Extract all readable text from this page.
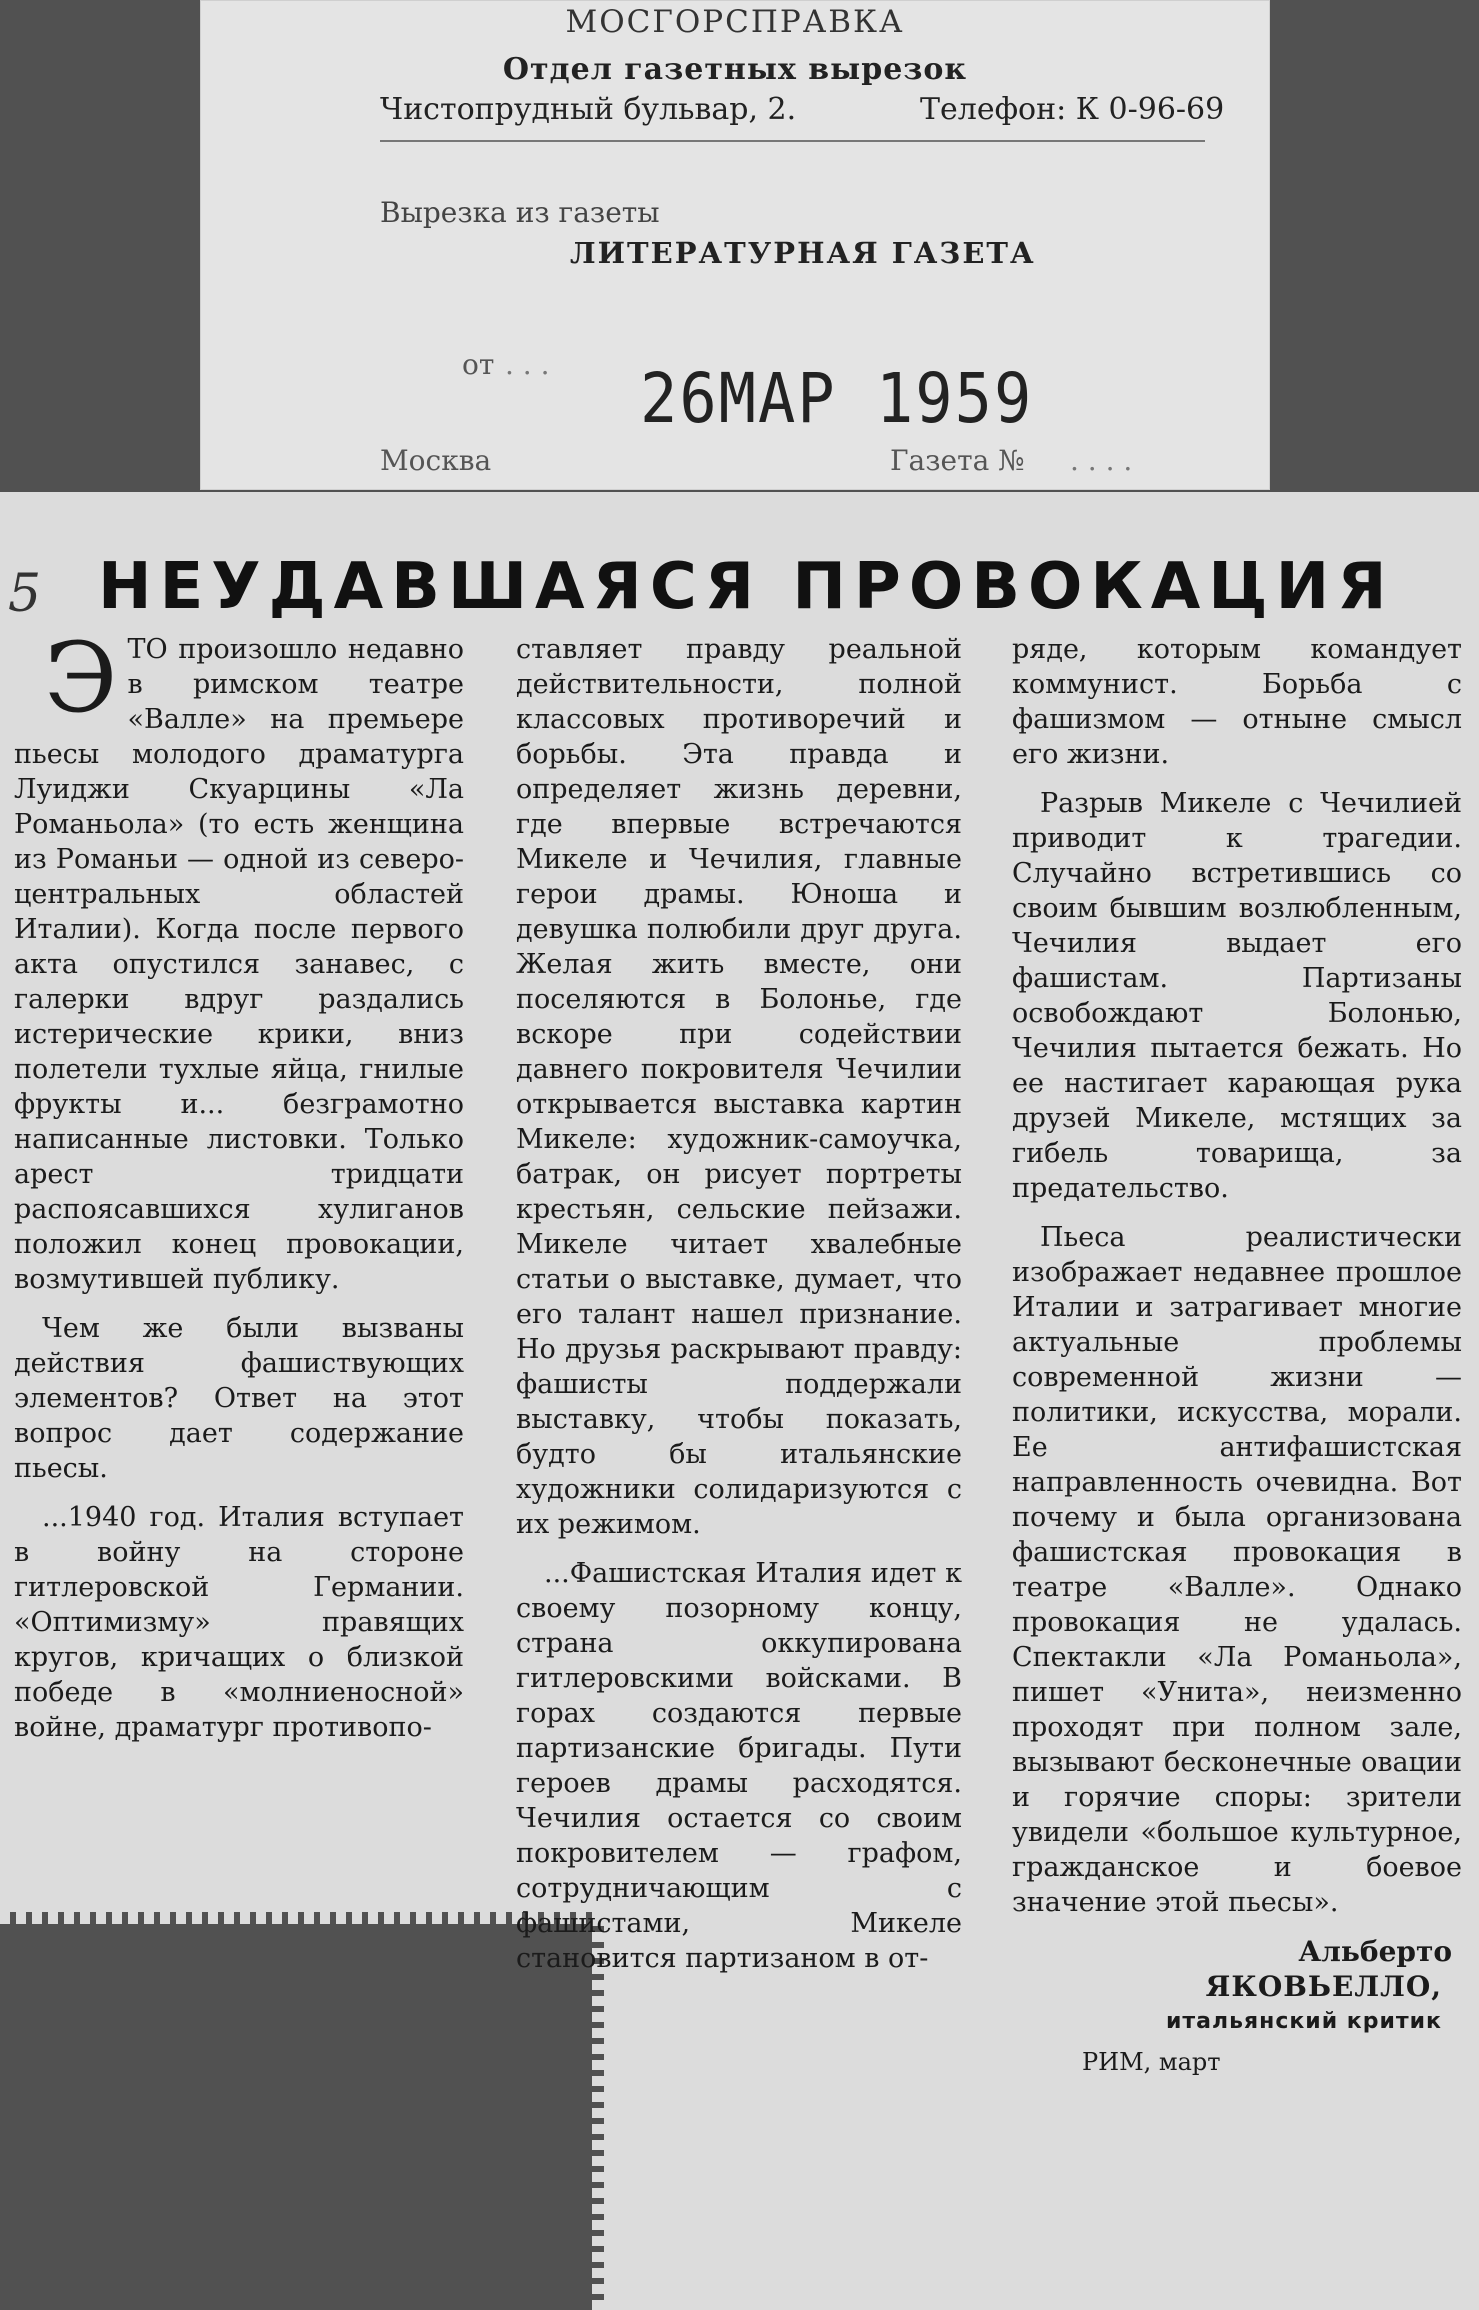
МОСГОРСПРАВКА

Отдел газетных вырезок

Чистопрудный бульвар, 2.	Телефон: К 0-96-69

Вырезка из газеты

ЛИТЕРАТУРНАЯ ГАЗЕТА

от . . . 26МАР 1959

Москва	Газета № . . . .

5 НЕУДАВШАЯСЯ ПРОВОКАЦИЯ

ЭТО произошло недавно в римском театре «Валле» на премьере пьесы молодого драматурга Луиджи Скуарцины «Ла Романьола» (то есть женщина из Романьи — одной из северо-центральных областей Италии). Когда после первого акта опустился занавес, с галерки вдруг раздались истерические крики, вниз полетели тухлые яйца, гнилые фрукты и... безграмотно написанные листовки. Только арест тридцати распоясавшихся хулиганов положил конец провокации, возмутившей публику.

Чем же были вызваны действия фашиствующих элементов? Ответ на этот вопрос дает содержание пьесы.

...1940 год. Италия вступает в войну на стороне гитлеровской Германии. «Оптимизму» правящих кругов, кричащих о близкой победе в «молниеносной» войне, драматург противопо-

ставляет правду реальной действительности, полной классовых противоречий и борьбы. Эта правда и определяет жизнь деревни, где впервые встречаются Микеле и Чечилия, главные герои драмы. Юноша и девушка полюбили друг друга. Желая жить вместе, они поселяются в Болонье, где вскоре при содействии давнего покровителя Чечилии открывается выставка картин Микеле: художник-самоучка, батрак, он рисует портреты крестьян, сельские пейзажи. Микеле читает хвалебные статьи о выставке, думает, что его талант нашел признание. Но друзья раскрывают правду: фашисты поддержали выставку, чтобы показать, будто бы итальянские художники солидаризуются с их режимом.

...Фашистская Италия идет к своему позорному концу, страна оккупирована гитлеровскими войсками. В горах создаются первые партизанские бригады. Пути героев драмы расходятся. Чечилия остается со своим покровителем — графом, сотрудничающим с фашистами, Микеле становится партизаном в от-

ряде, которым командует коммунист. Борьба с фашизмом — отныне смысл его жизни.

Разрыв Микеле с Чечилией приводит к трагедии. Случайно встретившись со своим бывшим возлюбленным, Чечилия выдает его фашистам. Партизаны освобождают Болонью, Чечилия пытается бежать. Но ее настигает карающая рука друзей Микеле, мстящих за гибель товарища, за предательство.

Пьеса реалистически изображает недавнее прошлое Италии и затрагивает многие актуальные проблемы современной жизни — политики, искусства, морали. Ее антифашистская направленность очевидна. Вот почему и была организована фашистская провокация в театре «Валле». Однако провокация не удалась. Спектакли «Ла Романьола», пишет «Унита», неизменно проходят при полном зале, вызывают бесконечные овации и горячие споры: зрители увидели «большое культурное, гражданское и боевое значение этой пьесы».

Альберто
ЯКОВЬЕЛЛО,
итальянский критик
РИМ, март
